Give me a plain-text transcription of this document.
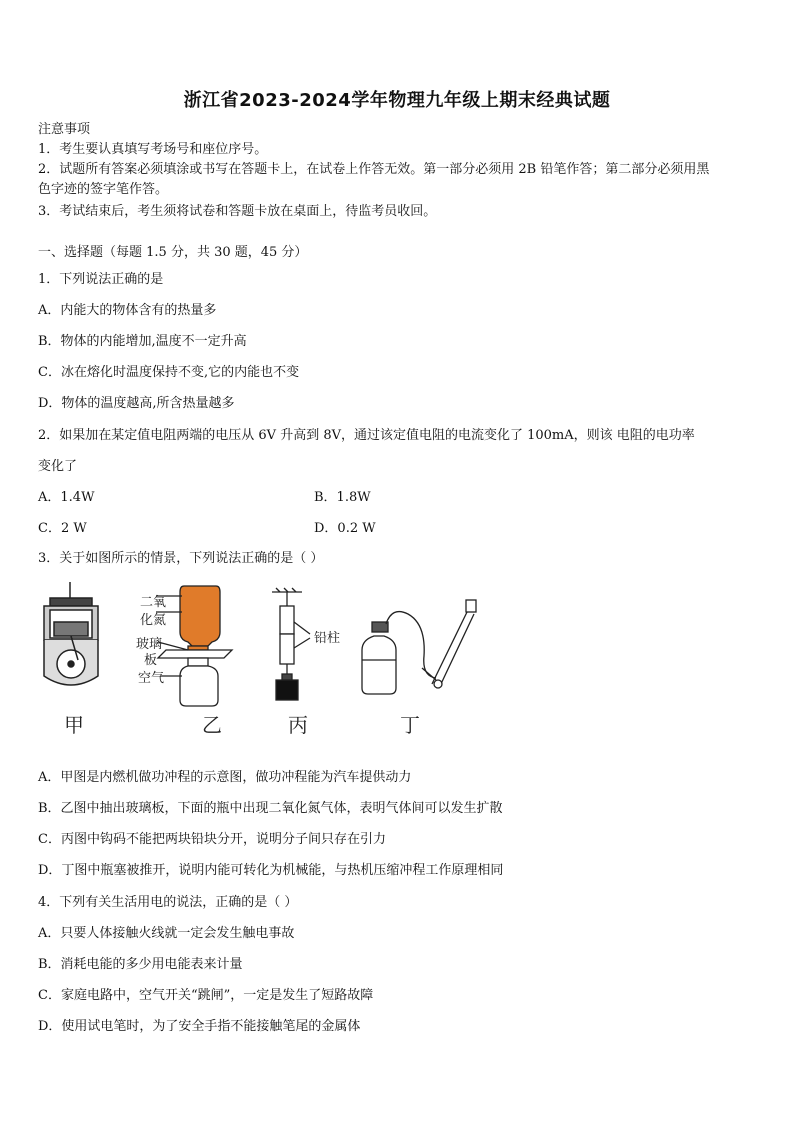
浙江省2023-2024学年物理九年级上期末经典试题
注意事项
1．考生要认真填写考场号和座位序号。
2．试题所有答案必须填涂或书写在答题卡上，在试卷上作答无效。第一部分必须用 2B 铅笔作答；第二部分必须用黑
色字迹的签字笔作答。
3．考试结束后，考生须将试卷和答题卡放在桌面上，待监考员收回。
一、选择题（每题 1.5 分，共 30 题，45 分）
1．下列说法正确的是
A．内能大的物体含有的热量多
B．物体的内能增加,温度不一定升高
C．冰在熔化时温度保持不变,它的内能也不变
D．物体的温度越高,所含热量越多
2．如果加在某定值电阻两端的电压从 6V 升高到 8V，通过该定值电阻的电流变化了 100mA，则该 电阻的电功率
变化了
A．1.4W	B．1.8W
C．2 W	D．0.2 W
3．关于如图所示的情景，下列说法正确的是（ ）
甲
二氧
化氮
玻璃
板
空气
乙
铅柱
丙	丁
A．甲图是内燃机做功冲程的示意图，做功冲程能为汽车提供动力
B．乙图中抽出玻璃板，下面的瓶中出现二氧化氮气体，表明气体间可以发生扩散
C．丙图中钩码不能把两块铅块分开，说明分子间只存在引力
D．丁图中瓶塞被推开，说明内能可转化为机械能，与热机压缩冲程工作原理相同
4．下列有关生活用电的说法，正确的是（ ）
A．只要人体接触火线就一定会发生触电事故
B．消耗电能的多少用电能表来计量
C．家庭电路中，空气开关“跳闸”，一定是发生了短路故障
D．使用试电笔时，为了安全手指不能接触笔尾的金属体
